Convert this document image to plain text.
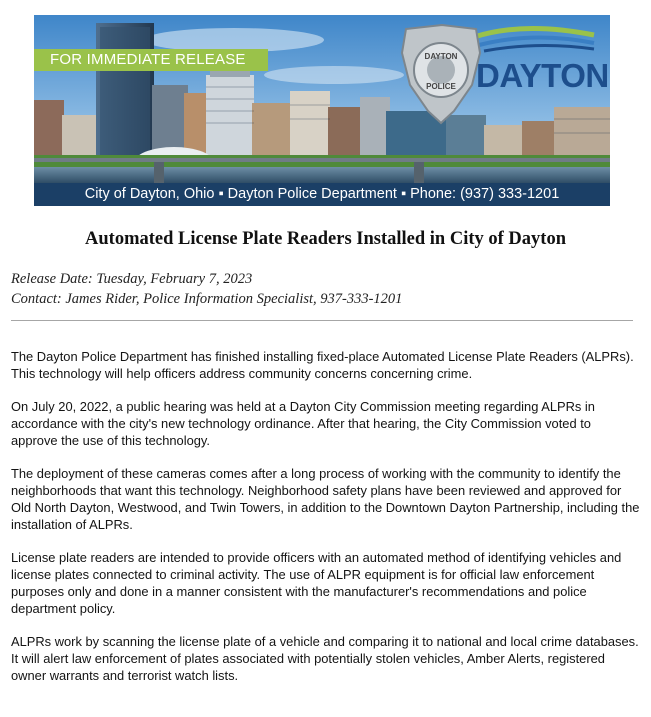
DAYTON
POLICE
FOR IMMEDIATE RELEASE	DAYTON
City of Dayton, Ohio ▪ Dayton Police Department ▪ Phone: (937) 333-1201
Automated License Plate Readers Installed in City of Dayton
Release Date: Tuesday, February 7, 2023
Contact: James Rider, Police Information Specialist, 937-333-1201

The Dayton Police Department has finished installing fixed-place Automated License Plate Readers (ALPRs). This technology will help officers address community concerns concerning crime.

On July 20, 2022, a public hearing was held at a Dayton City Commission meeting regarding ALPRs in accordance with the city's new technology ordinance. After that hearing, the City Commission voted to approve the use of this technology.

The deployment of these cameras comes after a long process of working with the community to identify the neighborhoods that want this technology. Neighborhood safety plans have been reviewed and approved for Old North Dayton, Westwood, and Twin Towers, in addition to the Downtown Dayton Partnership, including the installation of ALPRs.

License plate readers are intended to provide officers with an automated method of identifying vehicles and license plates connected to criminal activity. The use of ALPR equipment is for official law enforcement purposes only and done in a manner consistent with the manufacturer's recommendations and police department policy.

ALPRs work by scanning the license plate of a vehicle and comparing it to national and local crime databases. It will alert law enforcement of plates associated with potentially stolen vehicles, Amber Alerts, registered owner warrants and terrorist watch lists.
